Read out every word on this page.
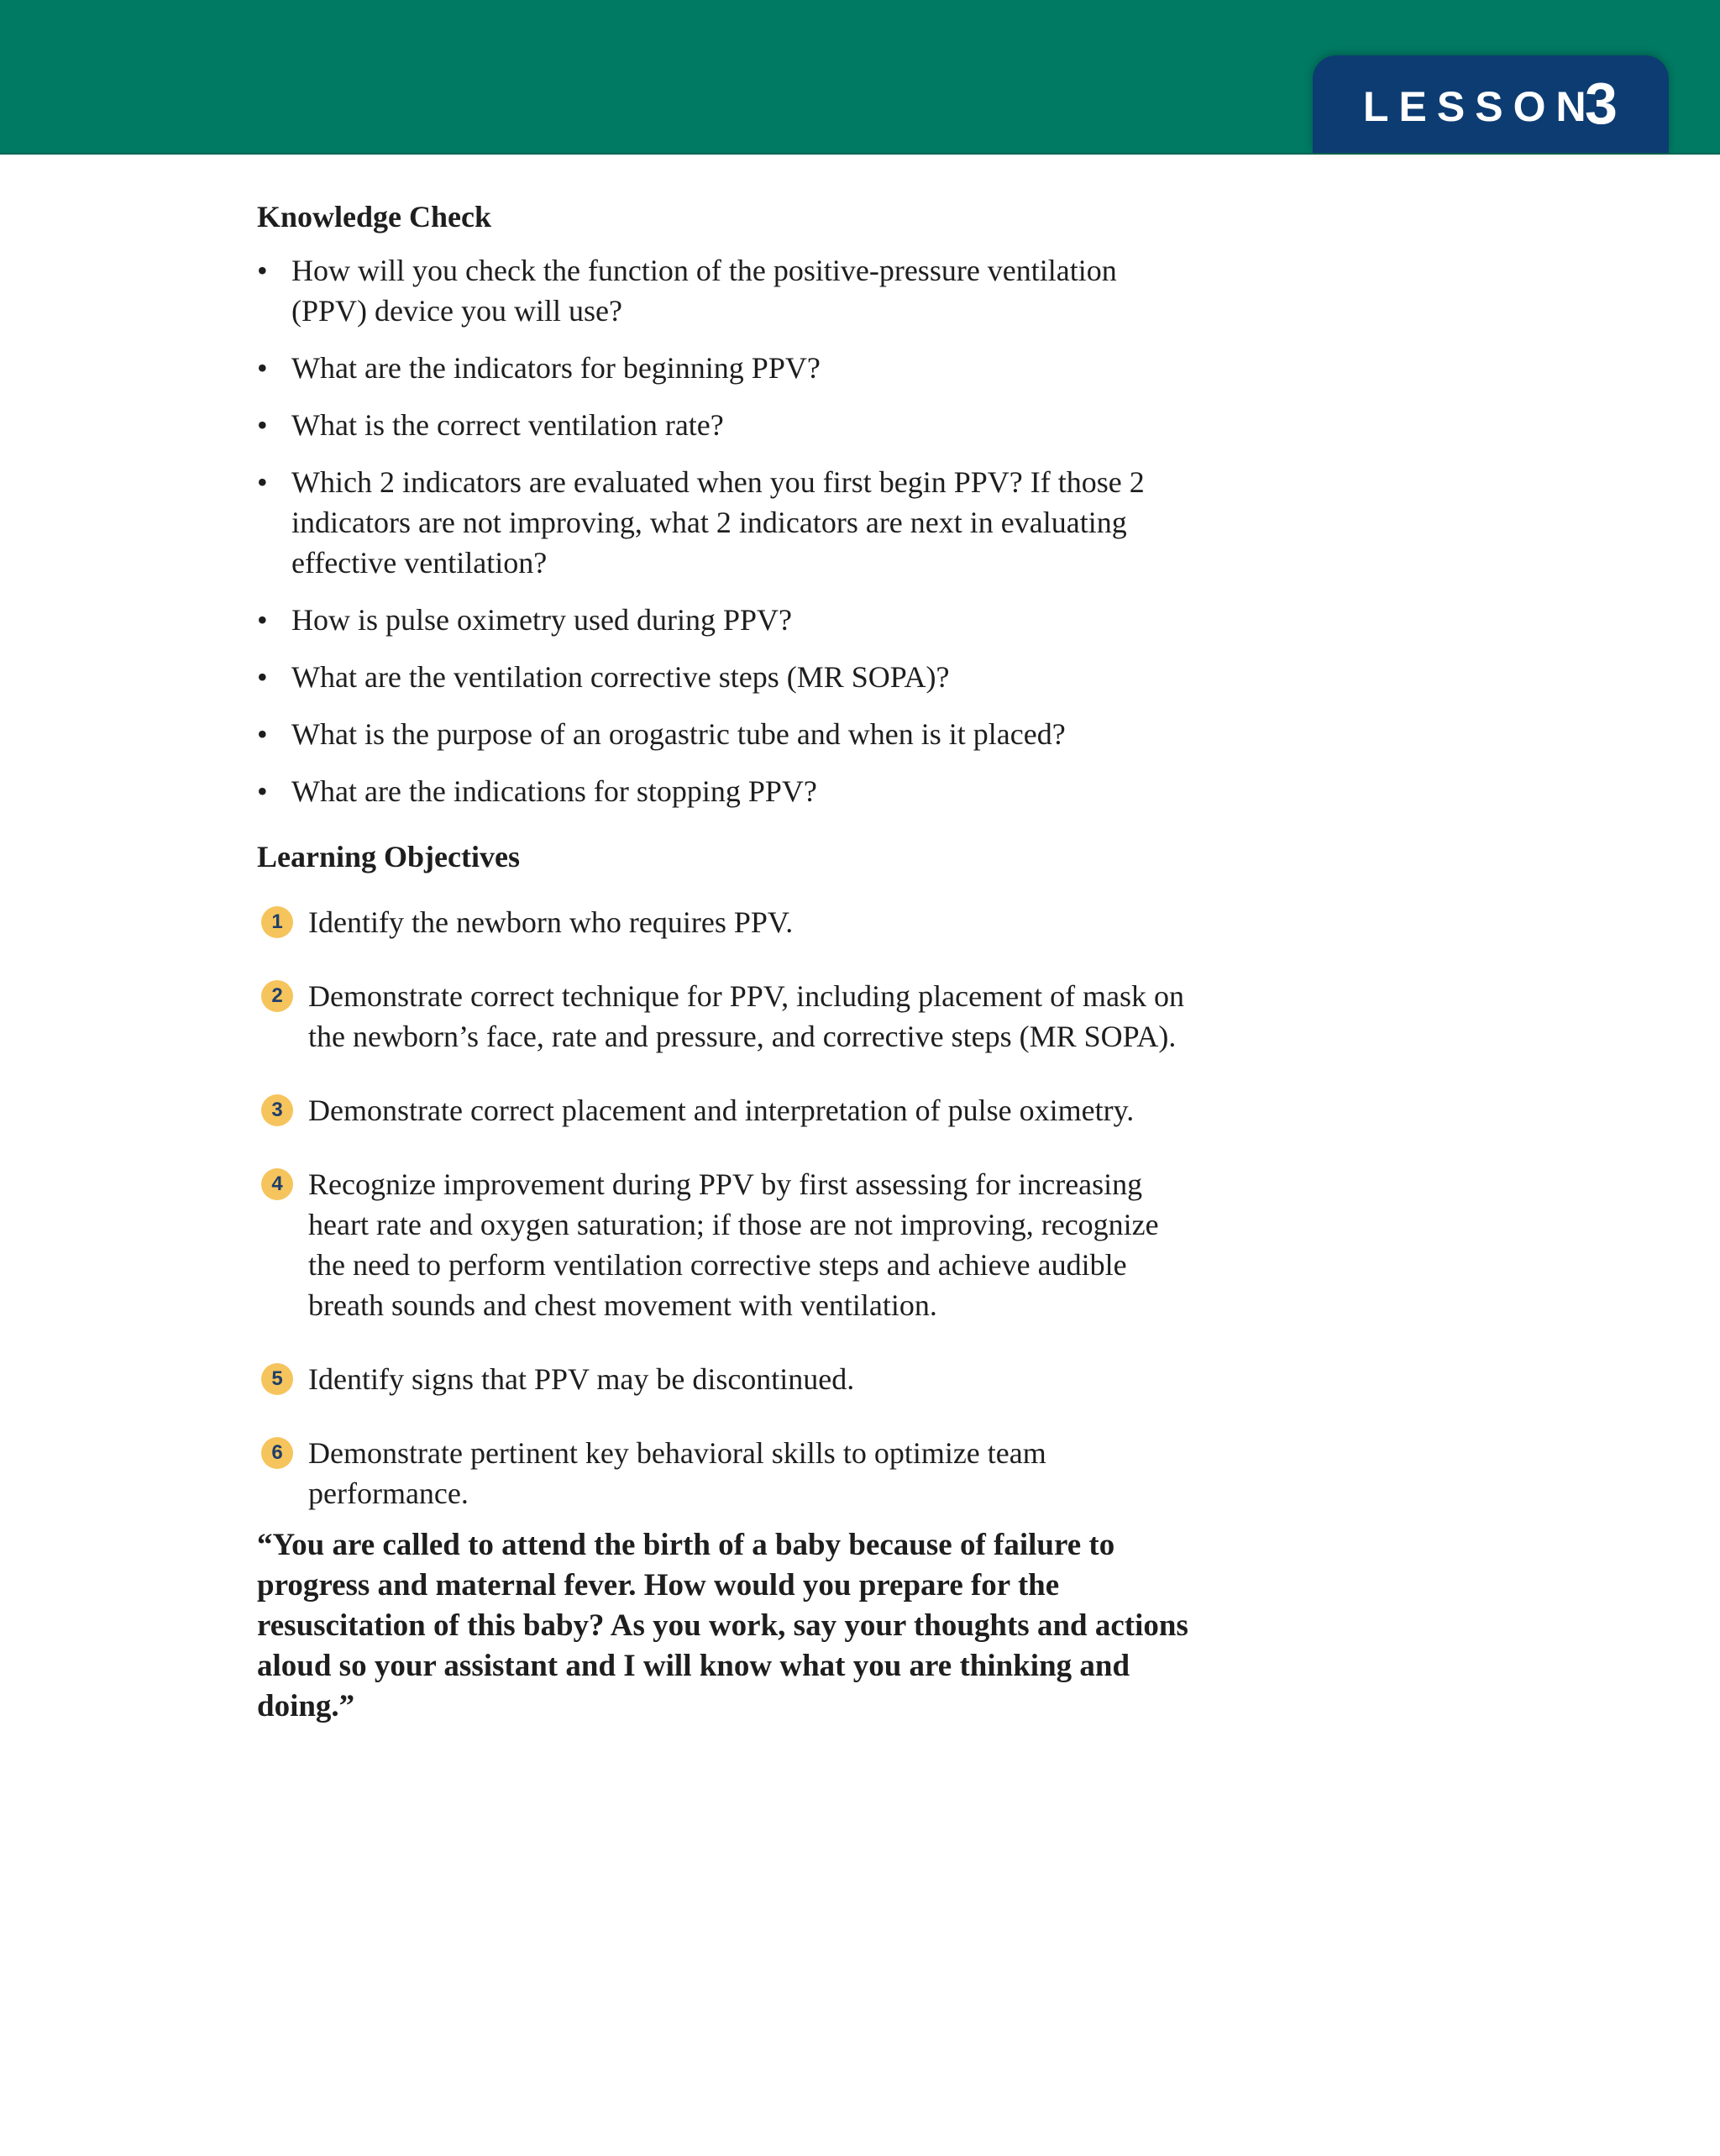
LESSON
3
Knowledge Check
• How will you check the function of the positive-pressure ventilation (PPV) device you will use?
• What are the indicators for beginning PPV?
• What is the correct ventilation rate?
• Which 2 indicators are evaluated when you first begin PPV? If those 2 indicators are not improving, what 2 indicators are next in evaluating effective ventilation?
• How is pulse oximetry used during PPV?
• What are the ventilation corrective steps (MR SOPA)?
• What is the purpose of an orogastric tube and when is it placed?
• What are the indications for stopping PPV?
Learning Objectives
1 Identify the newborn who requires PPV.
2 Demonstrate correct technique for PPV, including placement of mask on the newborn’s face, rate and pressure, and corrective steps (MR SOPA).
3 Demonstrate correct placement and interpretation of pulse oximetry.
4 Recognize improvement during PPV by first assessing for increasing heart rate and oxygen saturation; if those are not improving, recognize the need to perform ventilation corrective steps and achieve audible breath sounds and chest movement with ventilation.
5 Identify signs that PPV may be discontinued.
6 Demonstrate pertinent key behavioral skills to optimize team performance.

“You are called to attend the birth of a baby because of failure to progress and maternal fever. How would you prepare for the resuscitation of this baby? As you work, say your thoughts and actions aloud so your assistant and I will know what you are thinking and doing.”
